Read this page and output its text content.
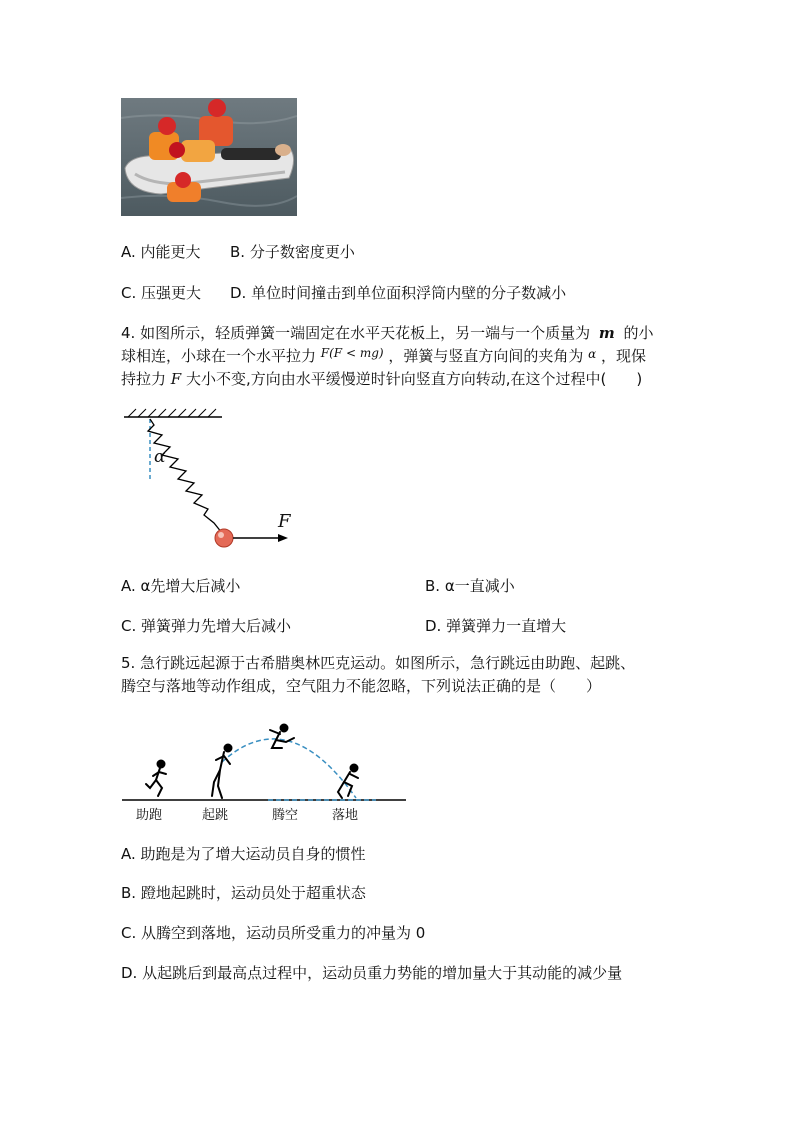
A. 内能更大 B. 分子数密度更小
C. 压强更大 D. 单位时间撞击到单位面积浮筒内壁的分子数减小
4. 如图所示，轻质弹簧一端固定在水平天花板上，另一端与一个质量为 m 的小
球相连，小球在一个水平拉力 $^{F(F < mg)}$ ，弹簧与竖直方向间的夹角为 $^\alpha$ ，现保
持拉力 F 大小不变,方向由水平缓慢逆时针向竖直方向转动,在这个过程中(　　)
α
F
A. α先增大后减小	B. α一直减小
C. 弹簧弹力先增大后减小	D. 弹簧弹力一直增大
5. 急行跳远起源于古希腊奥林匹克运动。如图所示，急行跳远由助跑、起跳、
腾空与落地等动作组成，空气阻力不能忽略，下列说法正确的是（　　）
助跑	起跳	腾空	落地
A. 助跑是为了增大运动员自身的惯性
B. 蹬地起跳时，运动员处于超重状态
C. 从腾空到落地，运动员所受重力的冲量为 0
D. 从起跳后到最高点过程中，运动员重力势能的增加量大于其动能的减少量
